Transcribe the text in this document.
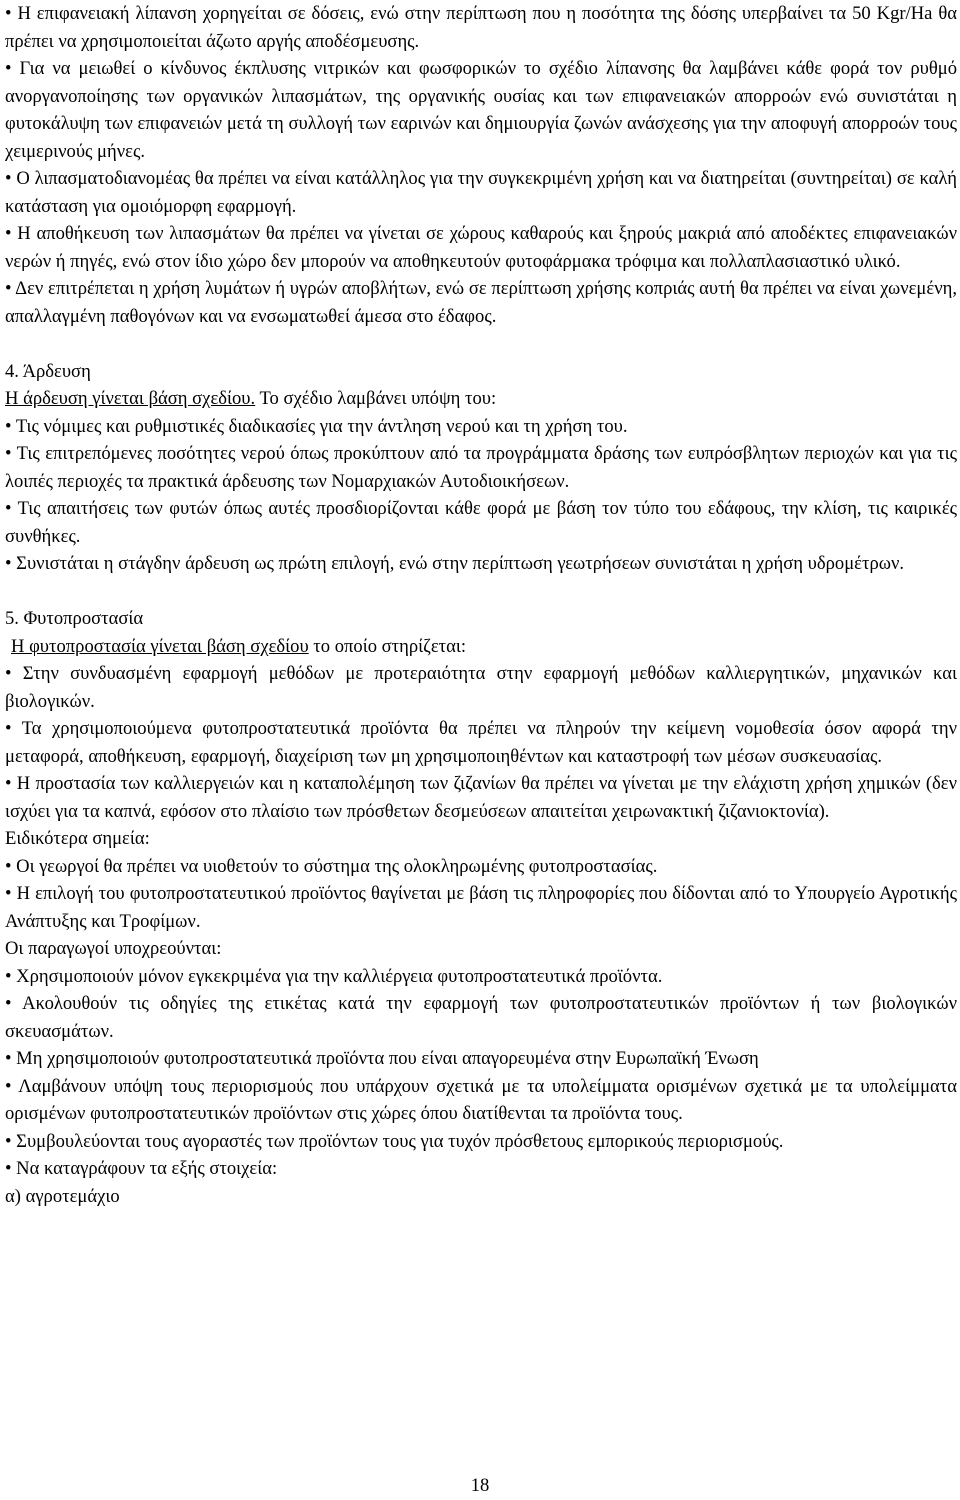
• Η επιφανειακή λίπανση χορηγείται σε δόσεις, ενώ στην περίπτωση που η ποσότητα της δόσης υπερβαίνει τα 50 Kgr/Ha θα πρέπει να χρησιμοποιείται άζωτο αργής αποδέσμευσης.

• Για να μειωθεί ο κίνδυνος έκπλυσης νιτρικών και φωσφορικών το σχέδιο λίπανσης θα λαμβάνει κάθε φορά τον ρυθμό ανοργανοποίησης των οργανικών λιπασμάτων, της οργανικής ουσίας και των επιφανειακών απορροών ενώ συνιστάται η φυτοκάλυψη των επιφανειών μετά τη συλλογή των εαρινών και δημιουργία ζωνών ανάσχεσης για την αποφυγή απορροών τους χειμερινούς μήνες.

• Ο λιπασματοδιανομέας θα πρέπει να είναι κατάλληλος για την συγκεκριμένη χρήση και να διατηρείται (συντηρείται) σε καλή κατάσταση για ομοιόμορφη εφαρμογή.

• Η αποθήκευση των λιπασμάτων θα πρέπει να γίνεται σε χώρους καθαρούς και ξηρούς μακριά από αποδέκτες επιφανειακών νερών ή πηγές, ενώ στον ίδιο χώρο δεν μπορούν να αποθηκευτούν φυτοφάρμακα τρόφιμα και πολλαπλασιαστικό υλικό.

• Δεν επιτρέπεται η χρήση λυμάτων ή υγρών αποβλήτων, ενώ σε περίπτωση χρήσης κοπριάς αυτή θα πρέπει να είναι χωνεμένη, απαλλαγμένη παθογόνων και να ενσωματωθεί άμεσα στο έδαφος.

4. Άρδευση

Η άρδευση γίνεται βάση σχεδίου. Το σχέδιο λαμβάνει υπόψη του:

• Τις νόμιμες και ρυθμιστικές διαδικασίες για την άντληση νερού και τη χρήση του.

• Τις επιτρεπόμενες ποσότητες νερού όπως προκύπτουν από τα προγράμματα δράσης των ευπρόσβλητων περιοχών και για τις λοιπές περιοχές τα πρακτικά άρδευσης των Νομαρχιακών Αυτοδιοικήσεων.

• Τις απαιτήσεις των φυτών όπως αυτές προσδιορίζονται κάθε φορά με βάση τον τύπο του εδάφους, την κλίση, τις καιρικές συνθήκες.

• Συνιστάται η στάγδην άρδευση ως πρώτη επιλογή, ενώ στην περίπτωση γεωτρήσεων συνιστάται η χρήση υδρομέτρων.

5. Φυτοπροστασία

Η φυτοπροστασία γίνεται βάση σχεδίου το οποίο στηρίζεται:

• Στην συνδυασμένη εφαρμογή μεθόδων με προτεραιότητα στην εφαρμογή μεθόδων καλλιεργητικών, μηχανικών και βιολογικών.

• Τα χρησιμοποιούμενα φυτοπροστατευτικά προϊόντα θα πρέπει να πληρούν την κείμενη νομοθεσία όσον αφορά την μεταφορά, αποθήκευση, εφαρμογή, διαχείριση των μη χρησιμοποιηθέντων και καταστροφή των μέσων συσκευασίας.

• Η προστασία των καλλιεργειών και η καταπολέμηση των ζιζανίων θα πρέπει να γίνεται με την ελάχιστη χρήση χημικών (δεν ισχύει για τα καπνά, εφόσον στο πλαίσιο των πρόσθετων δεσμεύσεων απαιτείται χειρωνακτική ζιζανιοκτονία).

Ειδικότερα σημεία:

• Οι γεωργοί θα πρέπει να υιοθετούν το σύστημα της ολοκληρωμένης φυτοπροστασίας.

• Η επιλογή του φυτοπροστατευτικού προϊόντος θαγίνεται με βάση τις πληροφορίες που δίδονται από το Υπουργείο Αγροτικής Ανάπτυξης και Τροφίμων.

Οι παραγωγοί υποχρεούνται:

• Χρησιμοποιούν μόνον εγκεκριμένα για την καλλιέργεια φυτοπροστατευτικά προϊόντα.

• Ακολουθούν τις οδηγίες της ετικέτας κατά την εφαρμογή των φυτοπροστατευτικών προϊόντων ή των βιολογικών σκευασμάτων.

• Μη χρησιμοποιούν φυτοπροστατευτικά προϊόντα που είναι απαγορευμένα στην Ευρωπαϊκή Ένωση

• Λαμβάνουν υπόψη τους περιορισμούς που υπάρχουν σχετικά με τα υπολείμματα ορισμένων σχετικά με τα υπολείμματα ορισμένων φυτοπροστατευτικών προϊόντων στις χώρες όπου διατίθενται τα προϊόντα τους.

• Συμβουλεύονται τους αγοραστές των προϊόντων τους για τυχόν πρόσθετους εμπορικούς περιορισμούς.

• Να καταγράφουν τα εξής στοιχεία:

α) αγροτεμάχιο

18
